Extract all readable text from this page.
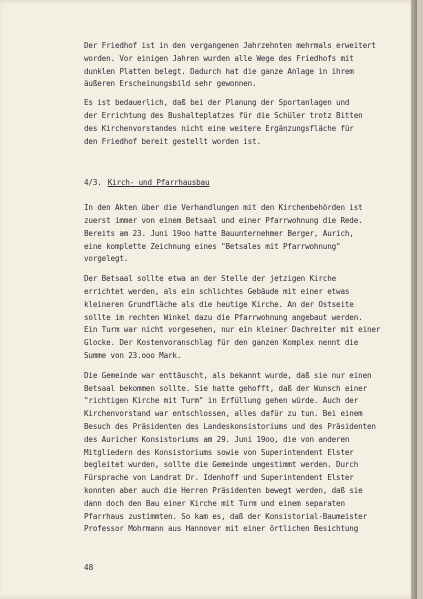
Der Friedhof ist in den vergangenen Jahrzehnten mehrmals erweitert
worden. Vor einigen Jahren wurden alle Wege des Friedhofs mit
dunklen Platten belegt. Dadurch hat die ganze Anlage in ihrem
äußeren Erscheinungsbild sehr gewonnen.

Es ist bedauerlich, daß bei der Planung der Sportanlagen und
der Errichtung des Bushalteplatzes für die Schüler trotz Bitten
des Kirchenvorstandes nicht eine weitere Ergänzungsfläche für
den Friedhof bereit gestellt worden ist.

4/3. Kirch- und Pfarrhausbau

In den Akten über die Verhandlungen mit den Kirchenbehörden ist
zuerst immer von einem Betsaal und einer Pfarrwohnung die Rede.
Bereits am 23. Juni 19oo hatte Bauunternehmer Berger, Aurich,
eine komplette Zeichnung eines "Betsales mit Pfarrwohnung"
vorgelegt.

Der Betsaal sollte etwa an der Stelle der jetzigen Kirche
errichtet werden, als ein schlichtes Gebäude mit einer etwas
kleineren Grundfläche als die heutige Kirche. An der Ostseite
sollte im rechten Winkel dazu die Pfarrwohnung angebaut werden.
Ein Turm war nicht vorgesehen, nur ein kleiner Dachreiter mit einer
Glocke. Der Kostenvoranschlag für den ganzen Komplex nennt die
Summe von 23.ooo Mark.

Die Gemeinde war enttäuscht, als bekannt wurde, daß sie nur einen
Betsaal bekommen sollte. Sie hatte gehofft, daß der Wunsch einer
"richtigen Kirche mit Turm" in Erfüllung gehen würde. Auch der
Kirchenvorstand war entschlossen, alles dafür zu tun. Bei einem
Besuch des Präsidenten des Landeskonsistoriums und des Präsidenten
des Auricher Konsistoriums am 29. Juni 19oo, die von anderen
Mitgliedern des Konsistoriums sowie von Superintendent Elster
begleitet wurden, sollte die Gemeinde umgestimmt werden. Durch
Fürsprache von Landrat Dr. Idenhoff und Superintendent Elster
konnten aber auch die Herren Präsidenten bewegt werden, daß sie
dann doch den Bau einer Kirche mit Turm und einem separaten
Pfarrhaus zustimmten. So kam es, daß der Konsistorial-Baumeister
Professor Mohrmann aus Hannover mit einer örtlichen Besichtung

48
